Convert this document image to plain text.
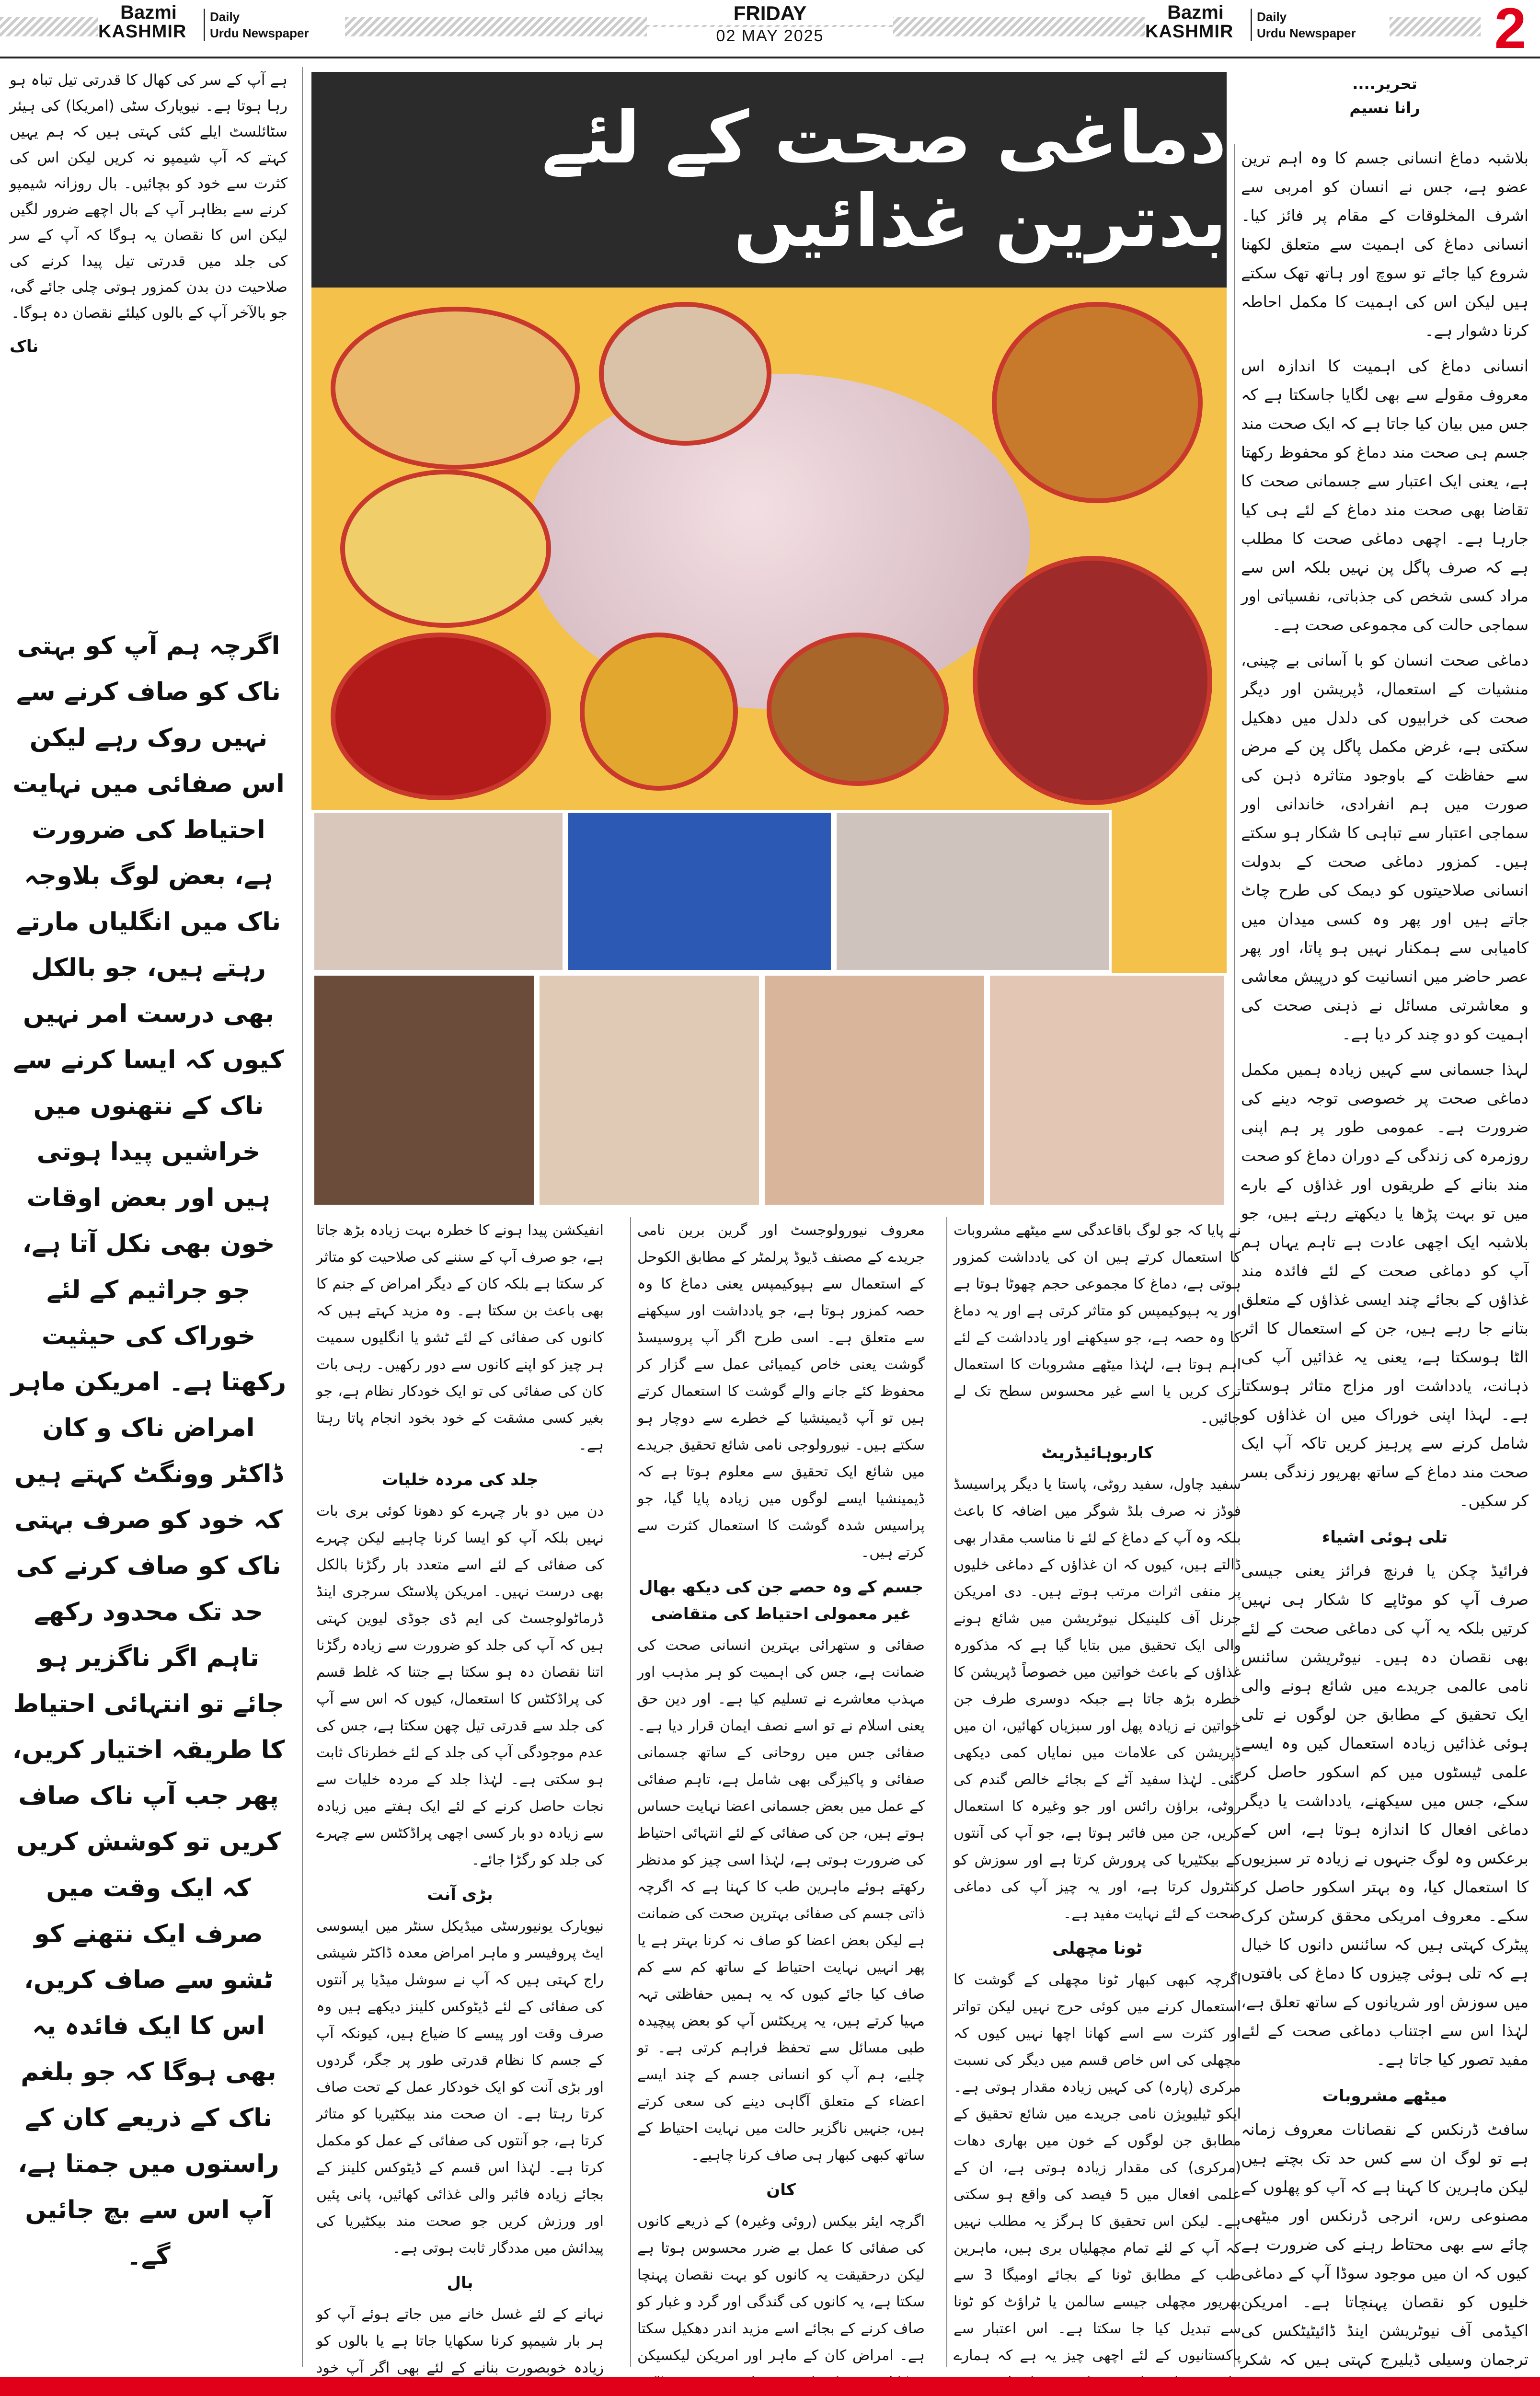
Bazmi
KASHMIR
Daily
Urdu Newspaper
FRIDAY
02 MAY 2025
Bazmi
KASHMIR
Daily
Urdu Newspaper 2
تحریر....
رانا نسیم
دماغی صحت کے لئے بدترین غذائیں

بلاشبہ دماغ انسانی جسم کا وہ اہم ترین عضو ہے، جس نے انسان کو امربی سے اشرف المخلوقات کے مقام پر فائز کیا۔ انسانی دماغ کی اہمیت سے متعلق لکھنا شروع کیا جائے تو سوچ اور ہاتھ تھک سکتے ہیں لیکن اس کی اہمیت کا مکمل احاطہ کرنا دشوار ہے۔

انسانی دماغ کی اہمیت کا اندازہ اس معروف مقولے سے بھی لگایا جاسکتا ہے کہ جس میں بیان کیا جاتا ہے کہ ایک صحت مند جسم ہی صحت مند دماغ کو محفوظ رکھتا ہے، یعنی ایک اعتبار سے جسمانی صحت کا تقاضا بھی صحت مند دماغ کے لئے ہی کیا جارہا ہے۔ اچھی دماغی صحت کا مطلب ہے کہ صرف پاگل پن نہیں بلکہ اس سے مراد کسی شخص کی جذباتی، نفسیاتی اور سماجی حالت کی مجموعی صحت ہے۔

دماغی صحت انسان کو با آسانی بے چینی، منشیات کے استعمال، ڈپریشن اور دیگر صحت کی خرابیوں کی دلدل میں دھکیل سکتی ہے، غرض مکمل پاگل پن کے مرض سے حفاظت کے باوجود متاثرہ ذہن کی صورت میں ہم انفرادی، خاندانی اور سماجی اعتبار سے تباہی کا شکار ہو سکتے ہیں۔ کمزور دماغی صحت کے بدولت انسانی صلاحیتوں کو دیمک کی طرح چاٹ جاتے ہیں اور پھر وہ کسی میدان میں کامیابی سے ہمکنار نہیں ہو پاتا، اور پھر عصر حاضر میں انسانیت کو درپیش معاشی و معاشرتی مسائل نے ذہنی صحت کی اہمیت کو دو چند کر دیا ہے۔

لہذا جسمانی سے کہیں زیادہ ہمیں مکمل دماغی صحت پر خصوصی توجہ دینے کی ضرورت ہے۔ عمومی طور پر ہم اپنی روزمرہ کی زندگی کے دوران دماغ کو صحت مند بنانے کے طریقوں اور غذاؤں کے بارے میں تو بہت پڑھا یا دیکھتے رہتے ہیں، جو بلاشبہ ایک اچھی عادت ہے تاہم یہاں ہم آپ کو دماغی صحت کے لئے فائدہ مند غذاؤں کے بجائے چند ایسی غذاؤں کے متعلق بتانے جا رہے ہیں، جن کے استعمال کا اثر الٹا ہوسکتا ہے، یعنی یہ غذائیں آپ کی ذہانت، یادداشت اور مزاج متاثر ہوسکتا ہے۔ لہذا اپنی خوراک میں ان غذاؤں کو شامل کرنے سے پرہیز کریں تاکہ آپ ایک صحت مند دماغ کے ساتھ بھرپور زندگی بسر کر سکیں۔

تلی ہوئی اشیاء

فرائیڈ چکن یا فرنچ فرائز یعنی جیسی صرف آپ کو موٹاپے کا شکار ہی نہیں کرتیں بلکہ یہ آپ کی دماغی صحت کے لئے بھی نقصان دہ ہیں۔ نیوٹریشن سائنس نامی عالمی جریدے میں شائع ہونے والی ایک تحقیق کے مطابق جن لوگوں نے تلی ہوئی غذائیں زیادہ استعمال کیں وہ ایسے علمی ٹیسٹوں میں کم اسکور حاصل کر سکے، جس میں سیکھنے، یادداشت یا دیگر دماغی افعال کا اندازہ ہوتا ہے، اس کے برعکس وہ لوگ جنہوں نے زیادہ تر سبزیوں کا استعمال کیا، وہ بہتر اسکور حاصل کر سکے۔ معروف امریکی محقق کرسٹن کرک پیٹرک کہتی ہیں کہ سائنس دانوں کا خیال ہے کہ تلی ہوئی چیزوں کا دماغ کی بافتوں میں سوزش اور شریانوں کے ساتھ تعلق ہے، لہٰذا اس سے اجتناب دماغی صحت کے لئے مفید تصور کیا جاتا ہے۔

میٹھے مشروبات

سافٹ ڈرنکس کے نقصانات معروف زمانہ ہے تو لوگ ان سے کس حد تک بچتے ہیں لیکن ماہرین کا کہنا ہے کہ آپ کو پھلوں کے مصنوعی رس، انرجی ڈرنکس اور میٹھی چائے سے بھی محتاط رہنے کی ضرورت ہے کیوں کہ ان میں موجود سوڈا آپ کے دماغی خلیوں کو نقصان پہنچاتا ہے۔ امریکن اکیڈمی آف نیوٹریشن اینڈ ڈائیٹیٹکس کی ترجمان وسیلی ڈیلیرج کہتی ہیں کہ شکر

نے پایا کہ جو لوگ باقاعدگی سے میٹھے مشروبات کا استعمال کرتے ہیں ان کی یادداشت کمزور ہوتی ہے، دماغ کا مجموعی حجم چھوٹا ہوتا ہے اور یہ ہپوکیمپس کو متاثر کرتی ہے اور یہ دماغ کا وہ حصہ ہے، جو سیکھنے اور یادداشت کے لئے اہم ہوتا ہے، لہٰذا میٹھے مشروبات کا استعمال ترک کریں یا اسے غیر محسوس سطح تک لے جائیں۔

کاربوہائیڈریٹ

سفید چاول، سفید روٹی، پاستا یا دیگر پراسیسڈ فوڈز نہ صرف بلڈ شوگر میں اضافہ کا باعث بلکہ وہ آپ کے دماغ کے لئے نا مناسب مقدار بھی ڈالتے ہیں، کیوں کہ ان غذاؤں کے دماغی خلیوں پر منفی اثرات مرتب ہوتے ہیں۔ دی امریکن جرنل آف کلینیکل نیوٹریشن میں شائع ہونے والی ایک تحقیق میں بتایا گیا ہے کہ مذکورہ غذاؤں کے باعث خواتین میں خصوصاً ڈپریشن کا خطرہ بڑھ جاتا ہے جبکہ دوسری طرف جن خواتین نے زیادہ پھل اور سبزیاں کھائیں، ان میں ڈپریشن کی علامات میں نمایاں کمی دیکھی گئی۔ لہٰذا سفید آٹے کے بجائے خالص گندم کی روٹی، براؤن رائس اور جو وغیرہ کا استعمال کریں، جن میں فائبر ہوتا ہے، جو آپ کی آنتوں کے بیکٹیریا کی پرورش کرتا ہے اور سوزش کو کنٹرول کرتا ہے، اور یہ چیز آپ کی دماغی صحت کے لئے نہایت مفید ہے۔

ٹونا مچھلی

اگرچہ کبھی کبھار ٹونا مچھلی کے گوشت کا استعمال کرنے میں کوئی حرج نہیں لیکن تواتر اور کثرت سے اسے کھانا اچھا نہیں کیوں کہ مچھلی کی اس خاص قسم میں دیگر کی نسبت مرکری (پارہ) کی کہیں زیادہ مقدار ہوتی ہے۔ ایکو ٹیلیویژن نامی جریدے میں شائع تحقیق کے مطابق جن لوگوں کے خون میں بھاری دھات (مرکری) کی مقدار زیادہ ہوتی ہے، ان کے علمی افعال میں 5 فیصد کی واقع ہو سکتی ہے۔ لیکن اس تحقیق کا ہرگز یہ مطلب نہیں کہ آپ کے لئے تمام مچھلیاں بری ہیں، ماہرین طب کے مطابق ٹونا کے بجائے اومیگا 3 سے بھرپور مچھلی جیسے سالمن یا ٹراؤٹ کو ٹونا سے تبدیل کیا جا سکتا ہے۔ اس اعتبار سے پاکستانیوں کے لئے اچھی چیز یہ ہے کہ ہمارے

معروف نیورولوجسٹ اور گرین برین نامی جریدے کے مصنف ڈیوڈ پرلمٹر کے مطابق الکوحل کے استعمال سے ہپوکیمپس یعنی دماغ کا وہ حصہ کمزور ہوتا ہے، جو یادداشت اور سیکھنے سے متعلق ہے۔ اسی طرح اگر آپ پروسیسڈ گوشت یعنی خاص کیمیائی عمل سے گزار کر محفوظ کئے جانے والے گوشت کا استعمال کرتے ہیں تو آپ ڈیمینشیا کے خطرے سے دوچار ہو سکتے ہیں۔ نیورولوجی نامی شائع تحقیق جریدے میں شائع ایک تحقیق سے معلوم ہوتا ہے کہ ڈیمینشیا ایسے لوگوں میں زیادہ پایا گیا، جو پراسیس شدہ گوشت کا استعمال کثرت سے کرتے ہیں۔

جسم کے وہ حصے جن کی دیکھ بھال غیر معمولی احتیاط کی متقاضی

صفائی و ستھرائی بہترین انسانی صحت کی ضمانت ہے، جس کی اہمیت کو ہر مذہب اور مہذب معاشرے نے تسلیم کیا ہے۔ اور دین حق یعنی اسلام نے تو اسے نصف ایمان قرار دیا ہے۔ صفائی جس میں روحانی کے ساتھ جسمانی صفائی و پاکیزگی بھی شامل ہے، تاہم صفائی کے عمل میں بعض جسمانی اعضا نہایت حساس ہوتے ہیں، جن کی صفائی کے لئے انتہائی احتیاط کی ضرورت ہوتی ہے، لہٰذا اسی چیز کو مدنظر رکھتے ہوئے ماہرین طب کا کہنا ہے کہ اگرچہ ذاتی جسم کی صفائی بہترین صحت کی ضمانت ہے لیکن بعض اعضا کو صاف نہ کرنا بہتر ہے یا پھر انہیں نہایت احتیاط کے ساتھ کم سے کم صاف کیا جائے کیوں کہ یہ ہمیں حفاظتی تہہ مہیا کرتے ہیں، یہ پریکٹس آپ کو بعض پیچیدہ طبی مسائل سے تحفظ فراہم کرتی ہے۔ تو چلیے، ہم آپ کو انسانی جسم کے چند ایسے اعضاء کے متعلق آگاہی دینے کی سعی کرتے ہیں، جنہیں ناگزیر حالت میں نہایت احتیاط کے ساتھ کبھی کبھار ہی صاف کرنا چاہیے۔

کان

اگرچہ ایئر بیکس (روئی وغیرہ) کے ذریعے کانوں کی صفائی کا عمل بے ضرر محسوس ہوتا ہے لیکن درحقیقت یہ کانوں کو بہت نقصان پہنچا سکتا ہے، یہ کانوں کی گندگی اور گرد و غبار کو صاف کرنے کے بجائے اسے مزید اندر دھکیل سکتا ہے۔ امراض کان کے ماہر اور امریکن لیکسیکن

انفیکشن پیدا ہونے کا خطرہ بہت زیادہ بڑھ جاتا ہے، جو صرف آپ کے سننے کی صلاحیت کو متاثر کر سکتا ہے بلکہ کان کے دیگر امراض کے جنم کا بھی باعث بن سکتا ہے۔ وہ مزید کہتے ہیں کہ کانوں کی صفائی کے لئے ٹشو یا انگلیوں سمیت ہر چیز کو اپنے کانوں سے دور رکھیں۔ رہی بات کان کی صفائی کی تو ایک خودکار نظام ہے، جو بغیر کسی مشقت کے خود بخود انجام پاتا رہتا ہے۔

جلد کی مردہ خلیات

دن میں دو بار چہرے کو دھونا کوئی بری بات نہیں بلکہ آپ کو ایسا کرنا چاہیے لیکن چہرے کی صفائی کے لئے اسے متعدد بار رگڑنا بالکل بھی درست نہیں۔ امریکن پلاسٹک سرجری اینڈ ڈرماٹولوجسٹ کی ایم ڈی جوڈی لیوین کہتی ہیں کہ آپ کی جلد کو ضرورت سے زیادہ رگڑنا اتنا نقصان دہ ہو سکتا ہے جتنا کہ غلط قسم کی پراڈکٹس کا استعمال، کیوں کہ اس سے آپ کی جلد سے قدرتی تیل چھن سکتا ہے، جس کی عدم موجودگی آپ کی جلد کے لئے خطرناک ثابت ہو سکتی ہے۔ لہٰذا جلد کے مردہ خلیات سے نجات حاصل کرنے کے لئے ایک ہفتے میں زیادہ سے زیادہ دو بار کسی اچھی پراڈکٹس سے چہرے کی جلد کو رگڑا جائے۔

بڑی آنت

نیویارک یونیورسٹی میڈیکل سنٹر میں ایسوسی ایٹ پروفیسر و ماہر امراض معدہ ڈاکٹر شیشی راج کہتی ہیں کہ آپ نے سوشل میڈیا پر آنتوں کی صفائی کے لئے ڈیٹوکس کلینز دیکھے ہیں وہ صرف وقت اور پیسے کا ضیاع ہیں، کیونکہ آپ کے جسم کا نظام قدرتی طور پر جگر، گردوں اور بڑی آنت کو ایک خودکار عمل کے تحت صاف کرتا رہتا ہے۔ ان صحت مند بیکٹیریا کو متاثر کرتا ہے، جو آنتوں کی صفائی کے عمل کو مکمل کرتا ہے۔ لہٰذا اس قسم کے ڈیٹوکس کلینز کے بجائے زیادہ فائبر والی غذائی کھائیں، پانی پئیں اور ورزش کریں جو صحت مند بیکٹیریا کی پیدائش میں مددگار ثابت ہوتی ہے۔

بال

نہانے کے لئے غسل خانے میں جاتے ہوئے آپ کو ہر بار شیمپو کرنا سکھایا جاتا ہے یا بالوں کو زیادہ خوبصورت بنانے کے لئے بھی اگر آپ خود

ہے آپ کے سر کی کھال کا قدرتی تیل تباہ ہو رہا ہوتا ہے۔ نیویارک سٹی (امریکا) کی ہیئر سٹائلسٹ ایلے کئی کہتی ہیں کہ ہم یہیں کہتے کہ آپ شیمپو نہ کریں لیکن اس کی کثرت سے خود کو بچائیں۔ بال روزانہ شیمپو کرنے سے بظاہر آپ کے بال اچھے ضرور لگیں لیکن اس کا نقصان یہ ہوگا کہ آپ کے سر کی جلد میں قدرتی تیل پیدا کرنے کی صلاحیت دن بدن کمزور ہوتی چلی جائے گی، جو بالآخر آپ کے بالوں کیلئے نقصان دہ ہوگا۔

ناک
اگرچہ ہم آپ کو بہتی ناک کو صاف کرنے سے نہیں روک رہے لیکن اس صفائی میں نہایت احتیاط کی ضرورت ہے، بعض لوگ بلاوجہ ناک میں انگلیاں مارتے رہتے ہیں، جو بالکل بھی درست امر نہیں کیوں کہ ایسا کرنے سے ناک کے نتھنوں میں خراشیں پیدا ہوتی ہیں اور بعض اوقات خون بھی نکل آتا ہے، جو جراثیم کے لئے خوراک کی حیثیت رکھتا ہے۔ امریکن ماہر امراض ناک و کان ڈاکٹر وونگٹ کہتے ہیں کہ خود کو صرف بہتی ناک کو صاف کرنے کی حد تک محدود رکھے تاہم اگر ناگزیر ہو جائے تو انتہائی احتیاط کا طریقہ اختیار کریں، پھر جب آپ ناک صاف کریں تو کوشش کریں کہ ایک وقت میں صرف ایک نتھنے کو ٹشو سے صاف کریں، اس کا ایک فائدہ یہ بھی ہوگا کہ جو بلغم ناک کے ذریعے کان کے راستوں میں جمتا ہے، آپ اس سے بچ جائیں گے۔
